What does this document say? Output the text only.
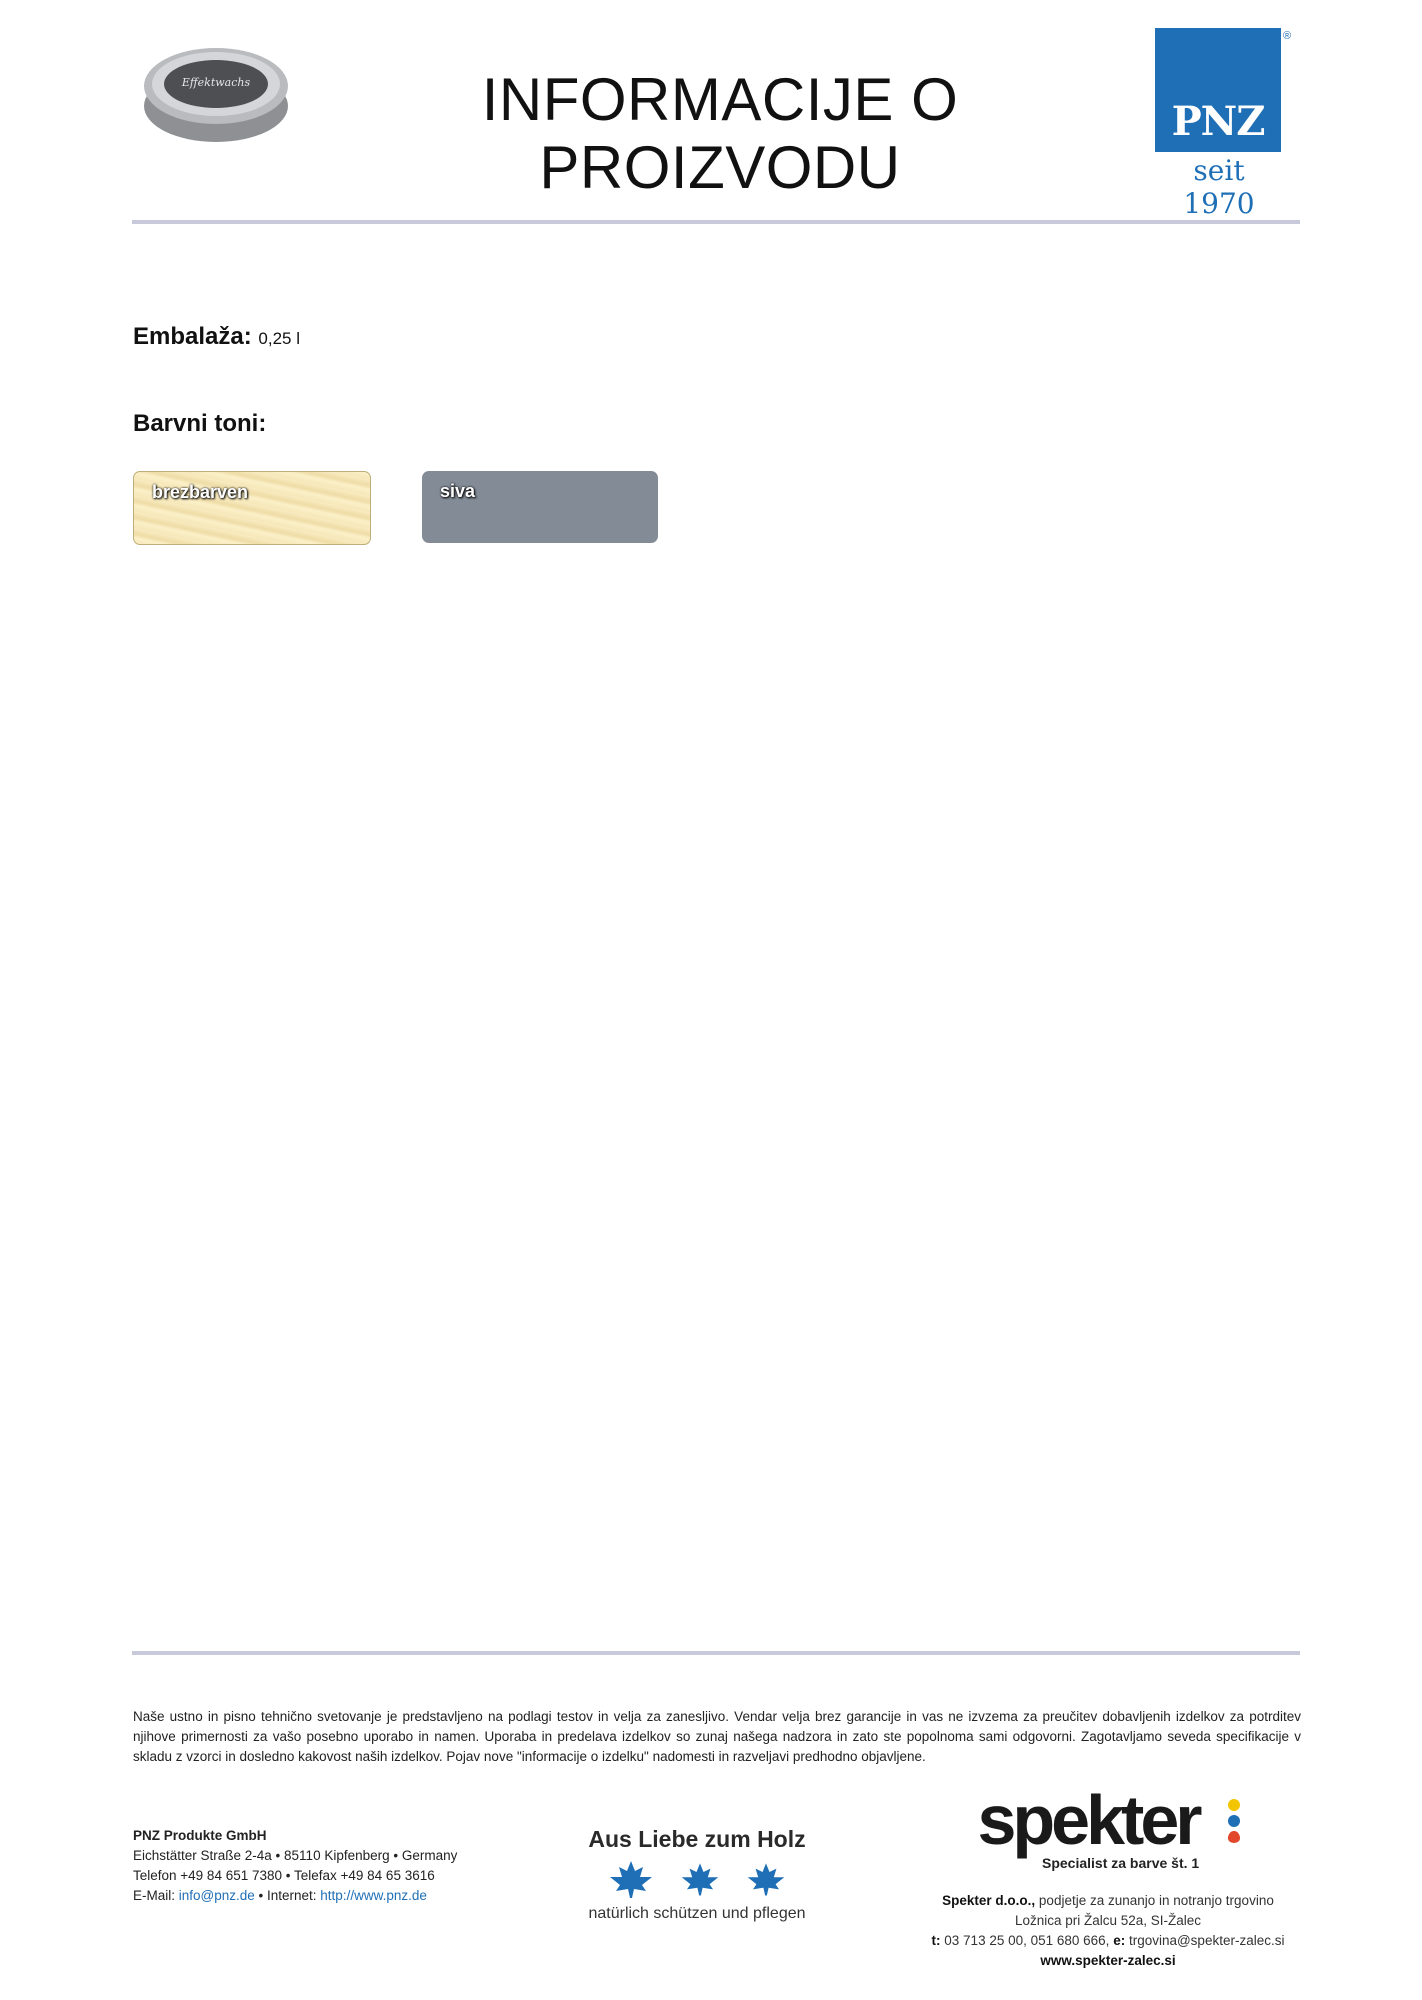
Effektwachs	INFORMACIJE O
PROIZVODU
PNZ
®
seit 1970
Embalaža: 0,25 l
Barvni toni:
brezbarven	siva
Naše ustno in pisno tehnično svetovanje je predstavljeno na podlagi testov in velja za zanesljivo. Vendar velja brez garancije in vas ne izvzema za preučitev dobavljenih izdelkov za potrditev njihove primernosti za vašo posebno uporabo in namen. Uporaba in predelava izdelkov so zunaj našega nadzora in zato ste popolnoma sami odgovorni. Zagotavljamo seveda specifikacije v skladu z vzorci in dosledno kakovost naših izdelkov. Pojav nove "informacije o izdelku" nadomesti in razveljavi predhodno objavljene.
PNZ Produkte GmbH
Eichstätter Straße 2-4a • 85110 Kipfenberg • Germany
Telefon +49 84 651 7380 • Telefax +49 84 65 3616
E-Mail: info@pnz.de • Internet: http://www.pnz.de
Aus Liebe zum Holz
natürlich schützen und pflegen
spekter
Specialist za barve št. 1
Spekter d.o.o., podjetje za zunanjo in notranjo trgovino
Ložnica pri Žalcu 52a, SI-Žalec
t: 03 713 25 00, 051 680 666, e: trgovina@spekter-zalec.si
www.spekter-zalec.si
